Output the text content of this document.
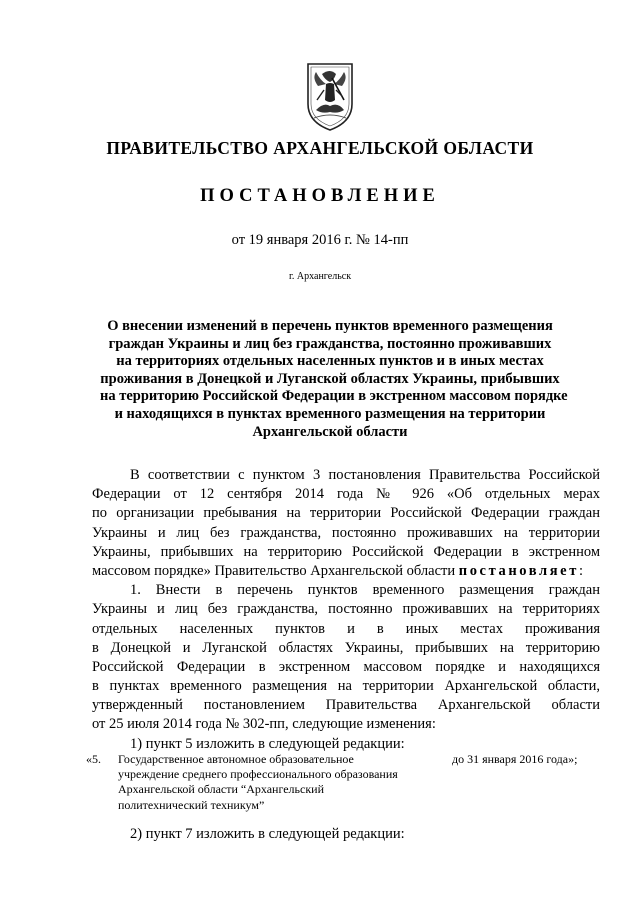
ПРАВИТЕЛЬСТВО АРХАНГЕЛЬСКОЙ ОБЛАСТИ
ПОСТАНОВЛЕНИЕ
от 19 января 2016 г. № 14-пп
г. Архангельск
О внесении изменений в перечень пунктов временного размещения
граждан Украины и лиц без гражданства, постоянно проживавших
на территориях отдельных населенных пунктов и в иных местах
проживания в Донецкой и Луганской областях Украины, прибывших
на территорию Российской Федерации в экстренном массовом порядке
и находящихся в пунктах временного размещения на территории
Архангельской области
В соответствии с пунктом 3 постановления Правительства Российской
Федерации от 12 сентября 2014 года № 926 «Об отдельных мерах
по организации пребывания на территории Российской Федерации граждан
Украины и лиц без гражданства, постоянно проживавших на территории
Украины, прибывших на территорию Российской Федерации в экстренном
массовом порядке» Правительство Архангельской области постановляет:
1. Внести в перечень пунктов временного размещения граждан
Украины и лиц без гражданства, постоянно проживавших на территориях
отдельных населенных пунктов и в иных местах проживания
в Донецкой и Луганской областях Украины, прибывших на территорию
Российской Федерации в экстренном массовом порядке и находящихся
в пунктах временного размещения на территории Архангельской области,
утвержденный постановлением Правительства Архангельской области
от 25 июля 2014 года № 302-пп, следующие изменения:
1) пункт 5 изложить в следующей редакции:
«5. Государственное автономное образовательное
учреждение среднего профессионального образования
Архангельской области “Архангельский
политехнический техникум”
до 31 января 2016 года»;
2) пункт 7 изложить в следующей редакции:
